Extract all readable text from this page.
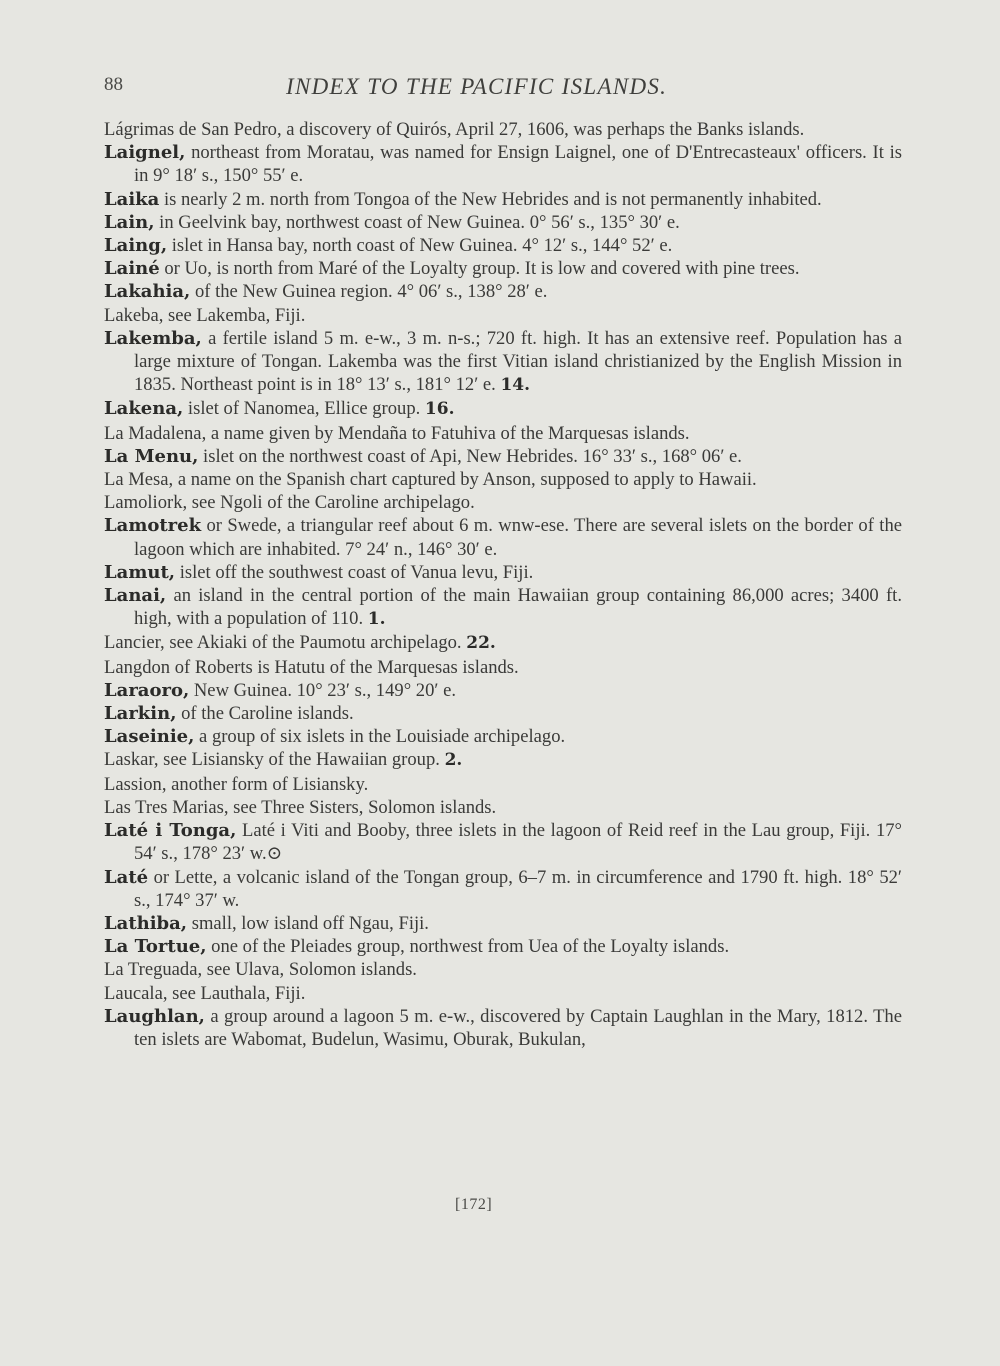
88	INDEX TO THE PACIFIC ISLANDS.

Lágrimas de San Pedro, a discovery of Quirós, April 27, 1606, was perhaps the Banks islands.

Laignel, northeast from Moratau, was named for Ensign Laignel, one of D'Entrecasteaux' officers. It is in 9° 18′ s., 150° 55′ e.

Laika is nearly 2 m. north from Tongoa of the New Hebrides and is not permanently inhabited.

Lain, in Geelvink bay, northwest coast of New Guinea. 0° 56′ s., 135° 30′ e.

Laing, islet in Hansa bay, north coast of New Guinea. 4° 12′ s., 144° 52′ e.

Lainé or Uo, is north from Maré of the Loyalty group. It is low and covered with pine trees.

Lakahia, of the New Guinea region. 4° 06′ s., 138° 28′ e.

Lakeba, see Lakemba, Fiji.

Lakemba, a fertile island 5 m. e-w., 3 m. n-s.; 720 ft. high. It has an extensive reef. Population has a large mixture of Tongan. Lakemba was the first Vitian island christianized by the English Mission in 1835. Northeast point is in 18° 13′ s., 181° 12′ e. 14.

Lakena, islet of Nanomea, Ellice group. 16.

La Madalena, a name given by Mendaña to Fatuhiva of the Marquesas islands.

La Menu, islet on the northwest coast of Api, New Hebrides. 16° 33′ s., 168° 06′ e.

La Mesa, a name on the Spanish chart captured by Anson, supposed to apply to Hawaii.

Lamoliork, see Ngoli of the Caroline archipelago.

Lamotrek or Swede, a triangular reef about 6 m. wnw-ese. There are several islets on the border of the lagoon which are inhabited. 7° 24′ n., 146° 30′ e.

Lamut, islet off the southwest coast of Vanua levu, Fiji.

Lanai, an island in the central portion of the main Hawaiian group containing 86,000 acres; 3400 ft. high, with a population of 110. 1.

Lancier, see Akiaki of the Paumotu archipelago. 22.

Langdon of Roberts is Hatutu of the Marquesas islands.

Laraoro, New Guinea. 10° 23′ s., 149° 20′ e.

Larkin, of the Caroline islands.

Laseinie, a group of six islets in the Louisiade archipelago.

Laskar, see Lisiansky of the Hawaiian group. 2.

Lassion, another form of Lisiansky.

Las Tres Marias, see Three Sisters, Solomon islands.

Laté i Tonga, Laté i Viti and Booby, three islets in the lagoon of Reid reef in the Lau group, Fiji. 17° 54′ s., 178° 23′ w.⊙

Laté or Lette, a volcanic island of the Tongan group, 6–7 m. in circumference and 1790 ft. high. 18° 52′ s., 174° 37′ w.

Lathiba, small, low island off Ngau, Fiji.

La Tortue, one of the Pleiades group, northwest from Uea of the Loyalty islands.

La Treguada, see Ulava, Solomon islands.

Laucala, see Lauthala, Fiji.

Laughlan, a group around a lagoon 5 m. e-w., discovered by Captain Laughlan in the Mary, 1812. The ten islets are Wabomat, Budelun, Wasimu, Oburak, Bukulan,

[172]
